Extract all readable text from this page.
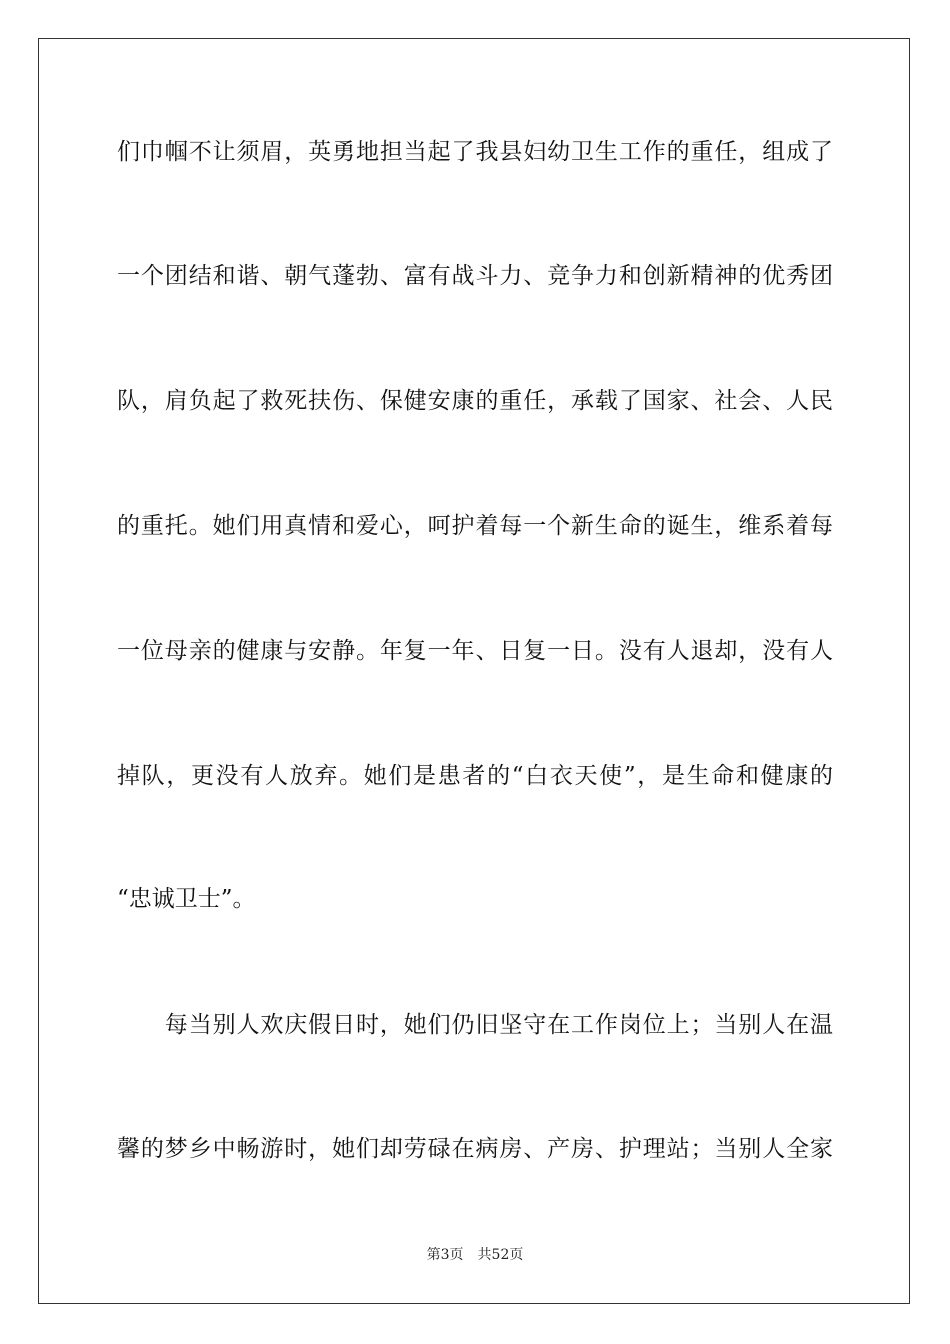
们巾帼不让须眉，英勇地担当起了我县妇幼卫生工作的重任，组成了
一个团结和谐、朝气蓬勃、富有战斗力、竞争力和创新精神的优秀团
队，肩负起了救死扶伤、保健安康的重任，承载了国家、社会、人民
的重托。她们用真情和爱心，呵护着每一个新生命的诞生，维系着每
一位母亲的健康与安静。年复一年、日复一日。没有人退却，没有人
掉队，更没有人放弃。她们是患者的“白衣天使”，是生命和健康的
“忠诚卫士”。
　　每当别人欢庆假日时，她们仍旧坚守在工作岗位上；当别人在温
馨的梦乡中畅游时，她们却劳碌在病房、产房、护理站；当别人全家
第3页 共52页
